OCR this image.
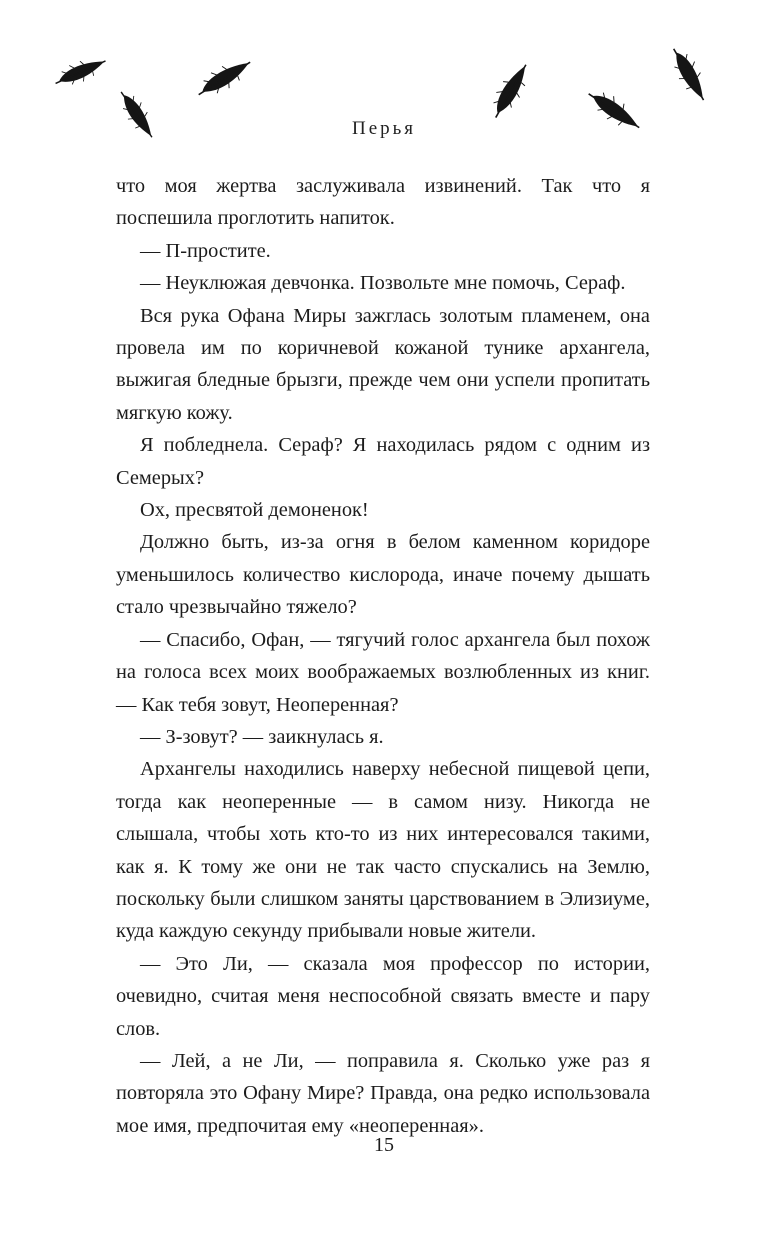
Перья

что моя жертва заслуживала извинений. Так что я поспешила проглотить напиток.

— П-простите.

— Неуклюжая девчонка. Позвольте мне помочь, Сераф.

Вся рука Офана Миры зажглась золотым пламенем, она провела им по коричневой кожаной тунике архангела, выжигая бледные брызги, прежде чем они успели пропитать мягкую кожу.

Я побледнела. Сераф? Я находилась рядом с одним из Семерых?

Ох, пресвятой демоненок!

Должно быть, из-за огня в белом каменном коридоре уменьшилось количество кислорода, иначе почему дышать стало чрезвычайно тяжело?

— Спасибо, Офан, — тягучий голос архангела был похож на голоса всех моих воображаемых возлюбленных из книг. — Как тебя зовут, Неоперенная?

— З-зовут? — заикнулась я.

Архангелы находились наверху небесной пищевой цепи, тогда как неоперенные — в самом низу. Никогда не слышала, чтобы хоть кто-то из них интересовался такими, как я. К тому же они не так часто спускались на Землю, поскольку были слишком заняты царствованием в Элизиуме, куда каждую секунду прибывали новые жители.

— Это Ли, — сказала моя профессор по истории, очевидно, считая меня неспособной связать вместе и пару слов.

— Лей, а не Ли, — поправила я. Сколько уже раз я повторяла это Офану Мире? Правда, она редко использовала мое имя, предпочитая ему «неоперенная».

15
